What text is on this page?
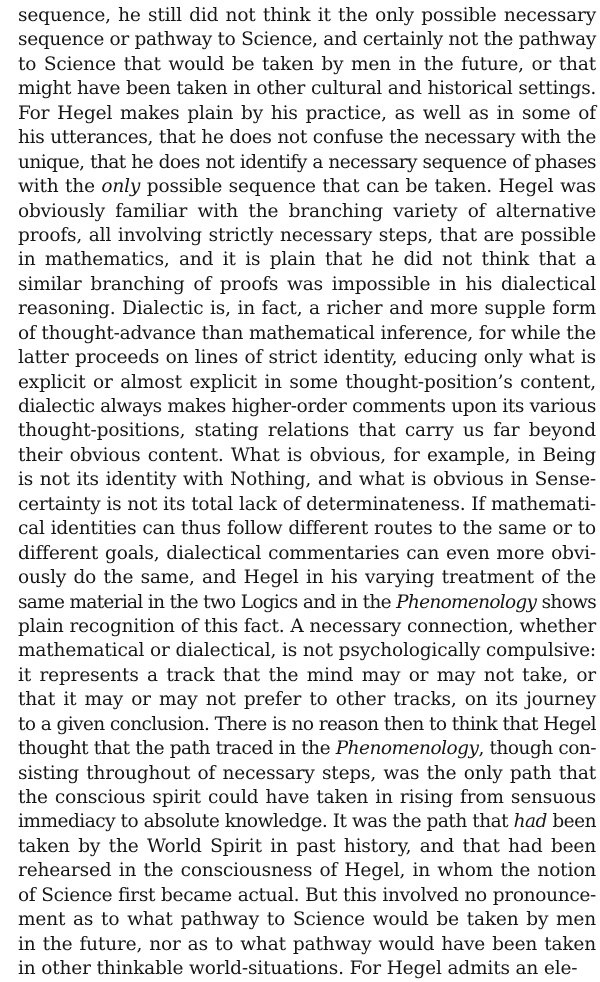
sequence, he still did not think it the only possible necessary
sequence or pathway to Science, and certainly not the pathway
to Science that would be taken by men in the future, or that
might have been taken in other cultural and historical settings.
For Hegel makes plain by his practice, as well as in some of
his utterances, that he does not confuse the necessary with the
unique, that he does not identify a necessary sequence of phases
with the only possible sequence that can be taken. Hegel was
obviously familiar with the branching variety of alternative
proofs, all involving strictly necessary steps, that are possible
in mathematics, and it is plain that he did not think that a
similar branching of proofs was impossible in his dialectical
reasoning. Dialectic is, in fact, a richer and more supple form
of thought-advance than mathematical inference, for while the
latter proceeds on lines of strict identity, educing only what is
explicit or almost explicit in some thought-position’s content,
dialectic always makes higher-order comments upon its various
thought-positions, stating relations that carry us far beyond
their obvious content. What is obvious, for example, in Being
is not its identity with Nothing, and what is obvious in Sense-
certainty is not its total lack of determinateness. If mathemati-
cal identities can thus follow different routes to the same or to
different goals, dialectical commentaries can even more obvi-
ously do the same, and Hegel in his varying treatment of the
same material in the two Logics and in the Phenomenology shows
plain recognition of this fact. A necessary connection, whether
mathematical or dialectical, is not psychologically compulsive:
it represents a track that the mind may or may not take, or
that it may or may not prefer to other tracks, on its journey
to a given conclusion. There is no reason then to think that Hegel
thought that the path traced in the Phenomenology, though con-
sisting throughout of necessary steps, was the only path that
the conscious spirit could have taken in rising from sensuous
immediacy to absolute knowledge. It was the path that had been
taken by the World Spirit in past history, and that had been
rehearsed in the consciousness of Hegel, in whom the notion
of Science first became actual. But this involved no pronounce-
ment as to what pathway to Science would be taken by men
in the future, nor as to what pathway would have been taken
in other thinkable world-situations. For Hegel admits an ele-
